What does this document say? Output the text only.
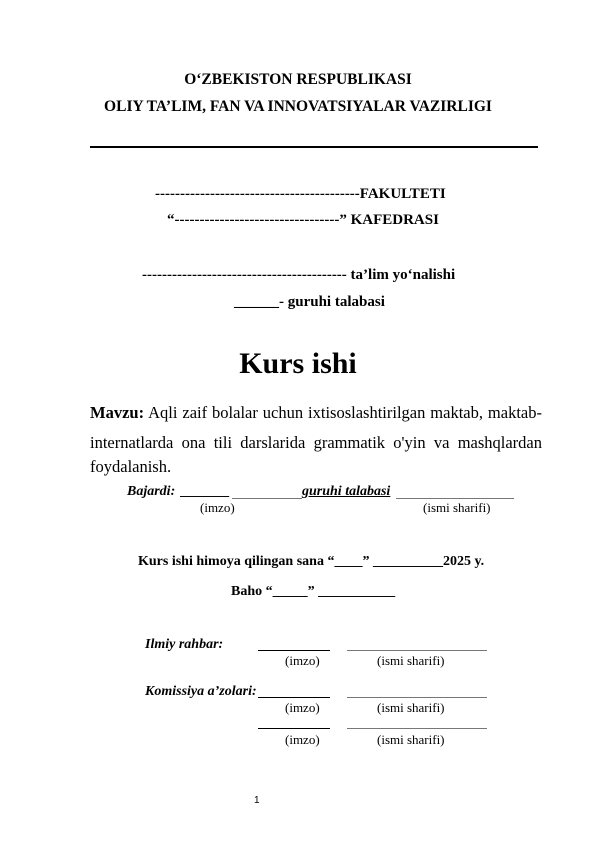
O‘ZBEKISTON RESPUBLIKASI
OLIY TA’LIM, FAN VA INNOVATSIYALAR VAZIRLIGI
-----------------------------------------FAKULTETI
“---------------------------------” KAFEDRASI
----------------------------------------- ta’lim yo‘nalishi
______- guruhi talabasi
Kurs ishi
Mavzu: Aqli zaif bolalar uchun ixtisoslashtirilgan maktab, maktab-
internatlarda ona tili darslarida grammatik o'yin va mashqlardan
foydalanish.
Bajardi: _______	guruhi talabasi
(imzo)	(ismi sharifi)
Kurs ishi himoya qilingan sana “____” __________2025 y.
Baho “_____” ___________
Ilmiy rahbar:
(imzo)	(ismi sharifi)
Komissiya a’zolari:
(imzo)	(ismi sharifi)
(imzo)	(ismi sharifi)
1
